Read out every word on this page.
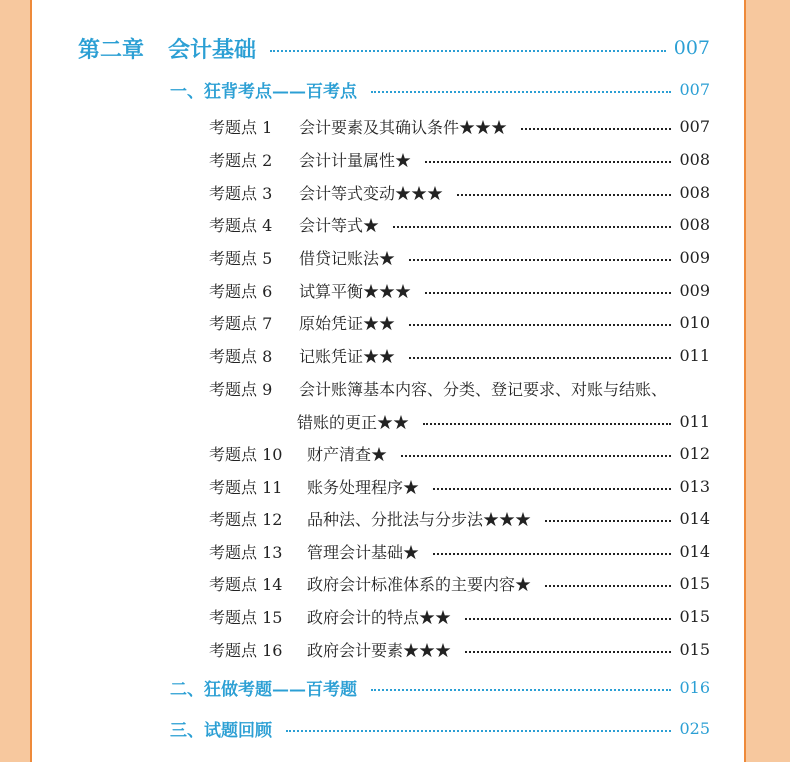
第二章 会计基础	007
一、狂背考点——百考点	007
考题点 1	会计要素及其确认条件★★★	007
考题点 2	会计计量属性★	008
考题点 3	会计等式变动★★★	008
考题点 4	会计等式★	008
考题点 5	借贷记账法★	009
考题点 6	试算平衡★★★	009
考题点 7	原始凭证★★	010
考题点 8	记账凭证★★	011
考题点 9	会计账簿基本内容、分类、登记要求、对账与结账、
错账的更正★★	011
考题点 10	财产清查★	012
考题点 11	账务处理程序★	013
考题点 12	品种法、分批法与分步法★★★	014
考题点 13	管理会计基础★	014
考题点 14	政府会计标准体系的主要内容★	015
考题点 15	政府会计的特点★★	015
考题点 16	政府会计要素★★★	015
二、狂做考题——百考题	016
三、试题回顾	025
